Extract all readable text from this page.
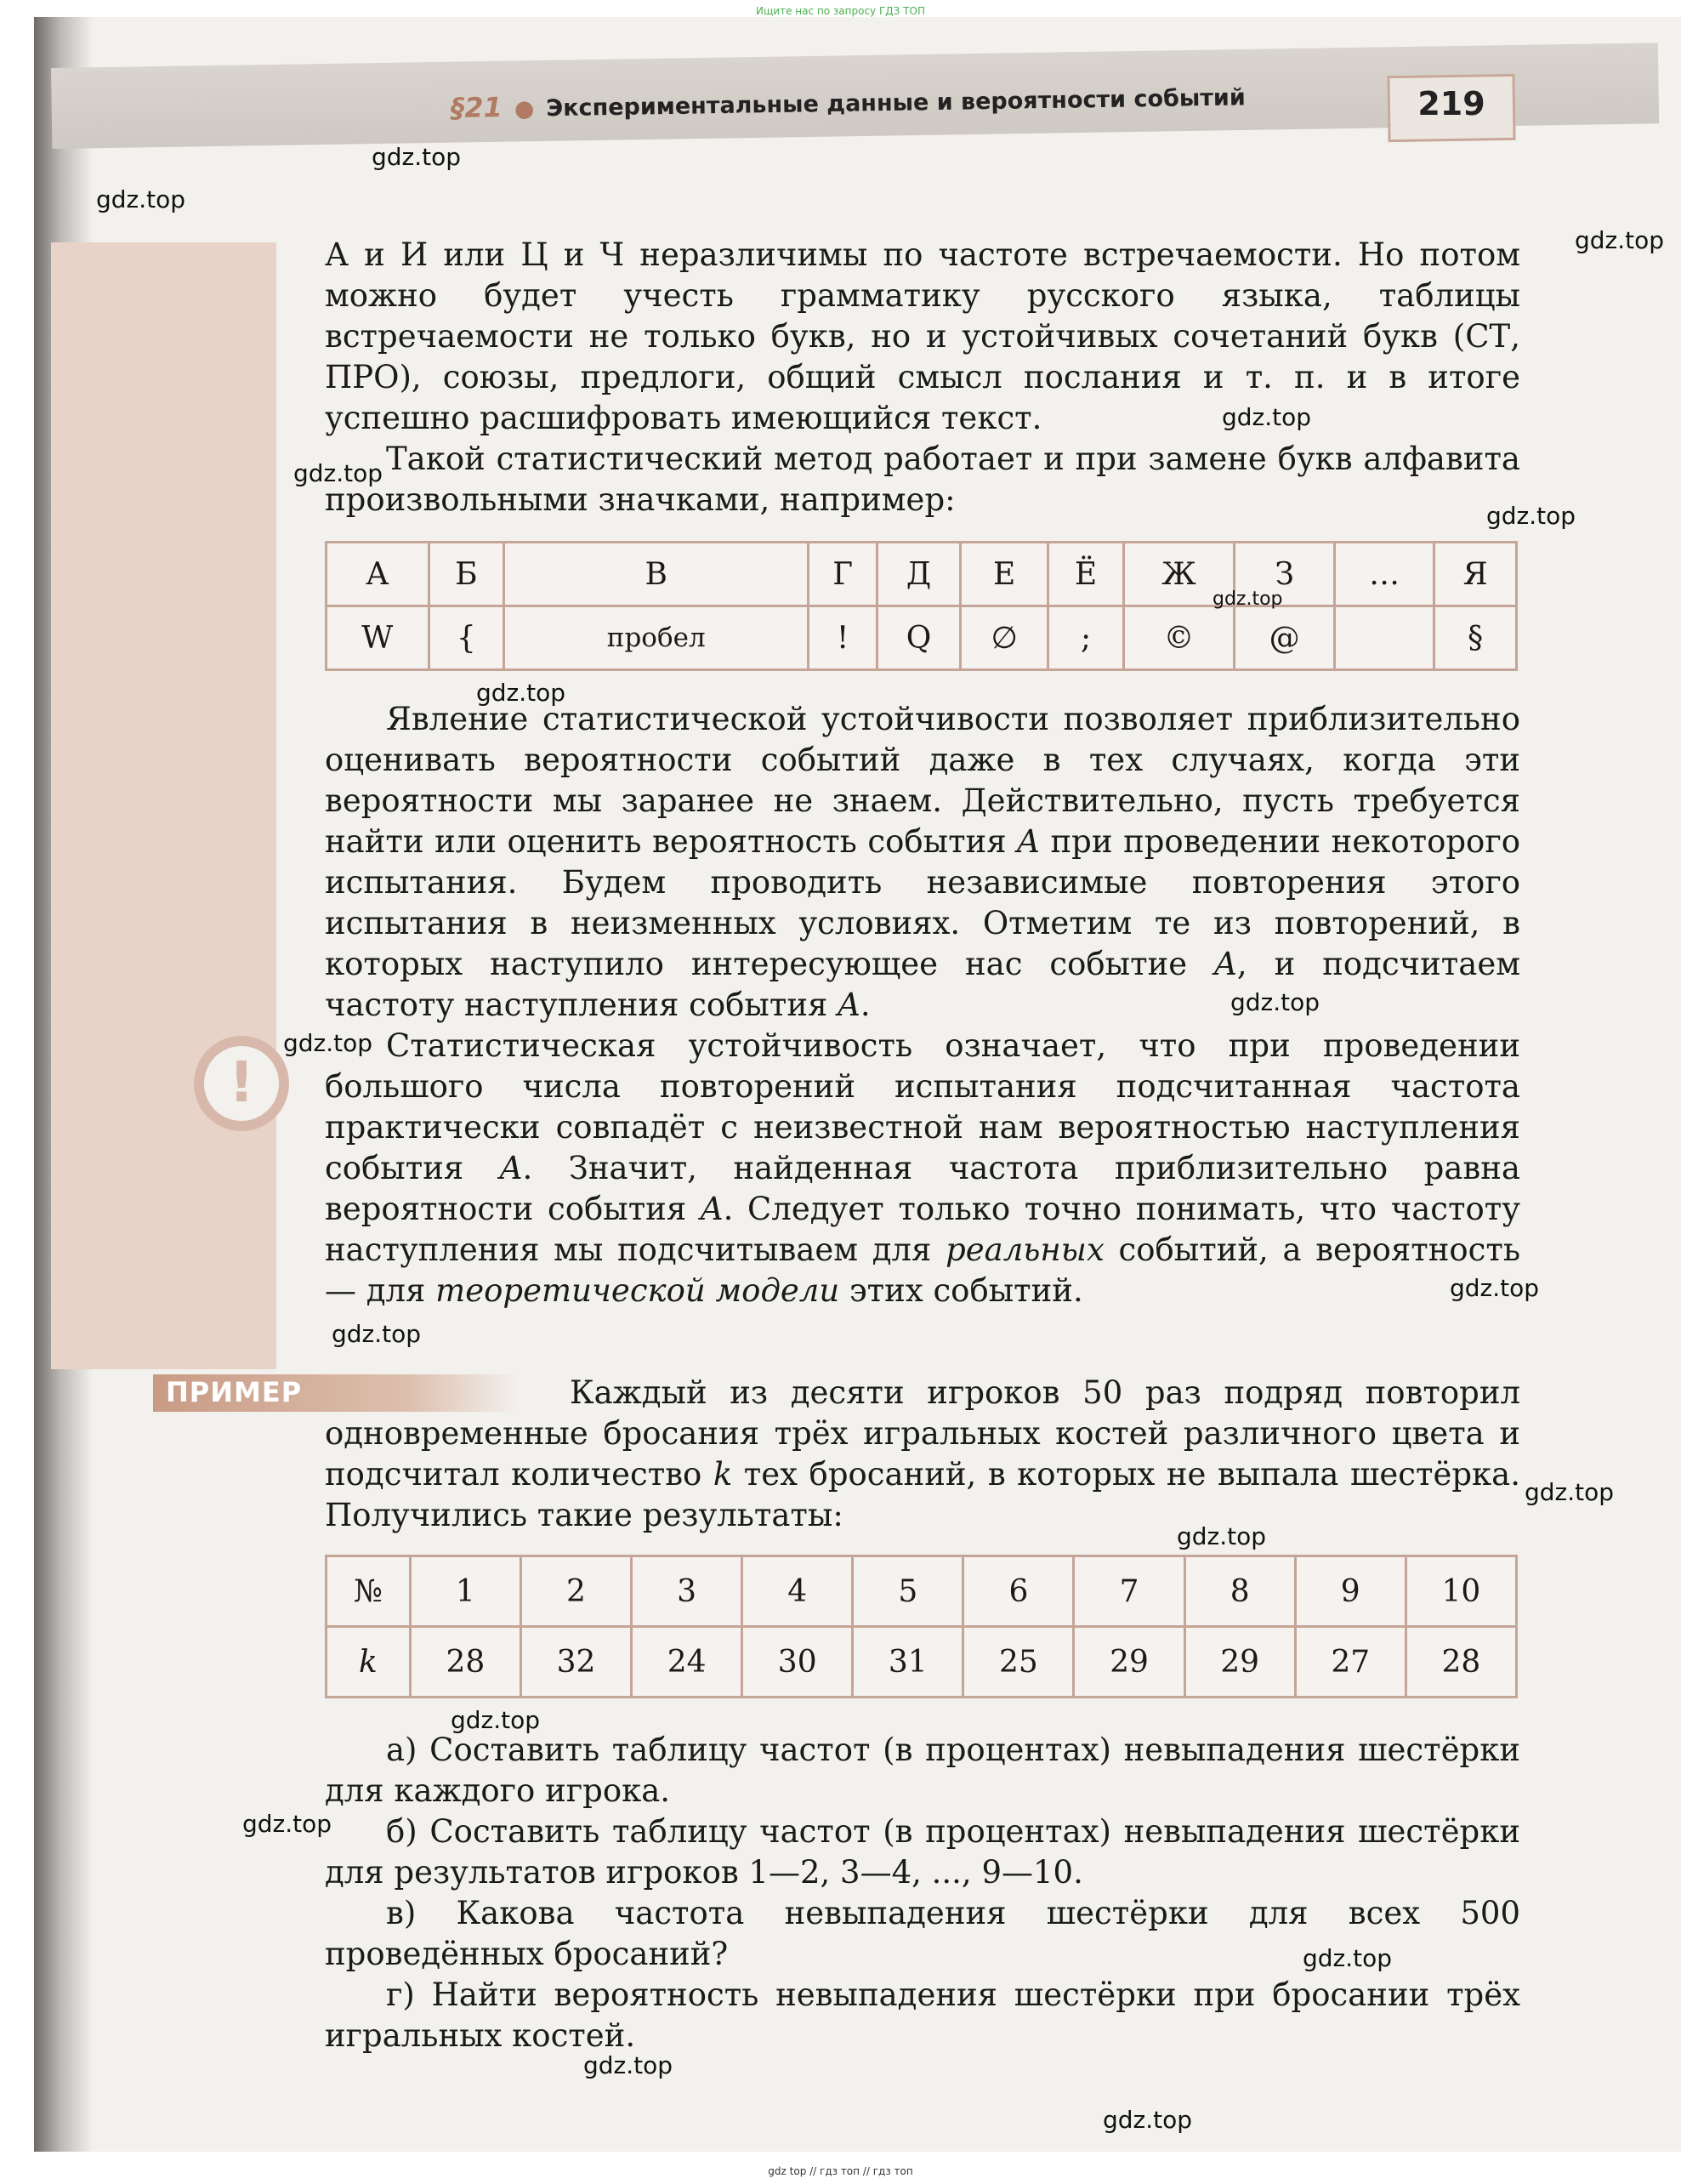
Ищите нас по запросу ГДЗ ТОП
§21 ● Экспериментальные данные и вероятности событий	219
!

А и И или Ц и Ч неразличимы по частоте встречаемости. Но потом можно будет учесть грамматику русского языка, таблицы встречаемости не только букв, но и устойчивых сочетаний букв (СТ, ПРО), союзы, предлоги, общий смысл послания и т. п. и в итоге успешно расшифровать имеющийся текст.

Такой статистический метод работает и при замене букв алфавита произвольными значками, например:

А	Б	В	Г	Д	Е	Ё	Ж	З	…	Я
W	{	пробел	!	Q	∅	;	©	@		§

Явление статистической устойчивости позволяет приблизительно оценивать вероятности событий даже в тех случаях, когда эти вероятности мы заранее не знаем. Действительно, пусть требуется найти или оценить вероятность события A при проведении некоторого испытания. Будем проводить независимые повторения этого испытания в неизменных условиях. Отметим те из повторений, в которых наступило интересующее нас событие A, и подсчитаем частоту наступления события A.

Статистическая устойчивость означает, что при проведении большого числа повторений испытания подсчитанная частота практически совпадёт с неизвестной нам вероятностью наступления события A. Значит, найденная частота приблизительно равна вероятности события A. Следует только точно понимать, что частоту наступления мы подсчитываем для реальных событий, а вероятность — для теоретической модели этих событий.

ПРИМЕР	Каждый из десяти игроков 50 раз подряд повторил одновременные бросания трёх игральных костей различного цвета и подсчитал количество k тех бросаний, в которых не выпала шестёрка. Получились такие результаты:

№	1	2	3	4	5	6	7	8	9	10
k	28	32	24	30	31	25	29	29	27	28

а) Составить таблицу частот (в процентах) невыпадения шестёрки для каждого игрока.

б) Составить таблицу частот (в процентах) невыпадения шестёрки для результатов игроков 1—2, 3—4, ..., 9—10.

в) Какова частота невыпадения шестёрки для всех 500 проведённых бросаний?

г) Найти вероятность невыпадения шестёрки при бросании трёх игральных костей.

gdz.top
gdz.top
gdz.top
gdz.top
gdz.top
gdz.top
gdz.top
gdz.top
gdz.top
gdz.top
gdz.top
gdz.top
gdz.top
gdz.top
gdz.top
gdz.top
gdz.top
gdz.top
gdz.top
gdz top // гдз топ // гдз топ
